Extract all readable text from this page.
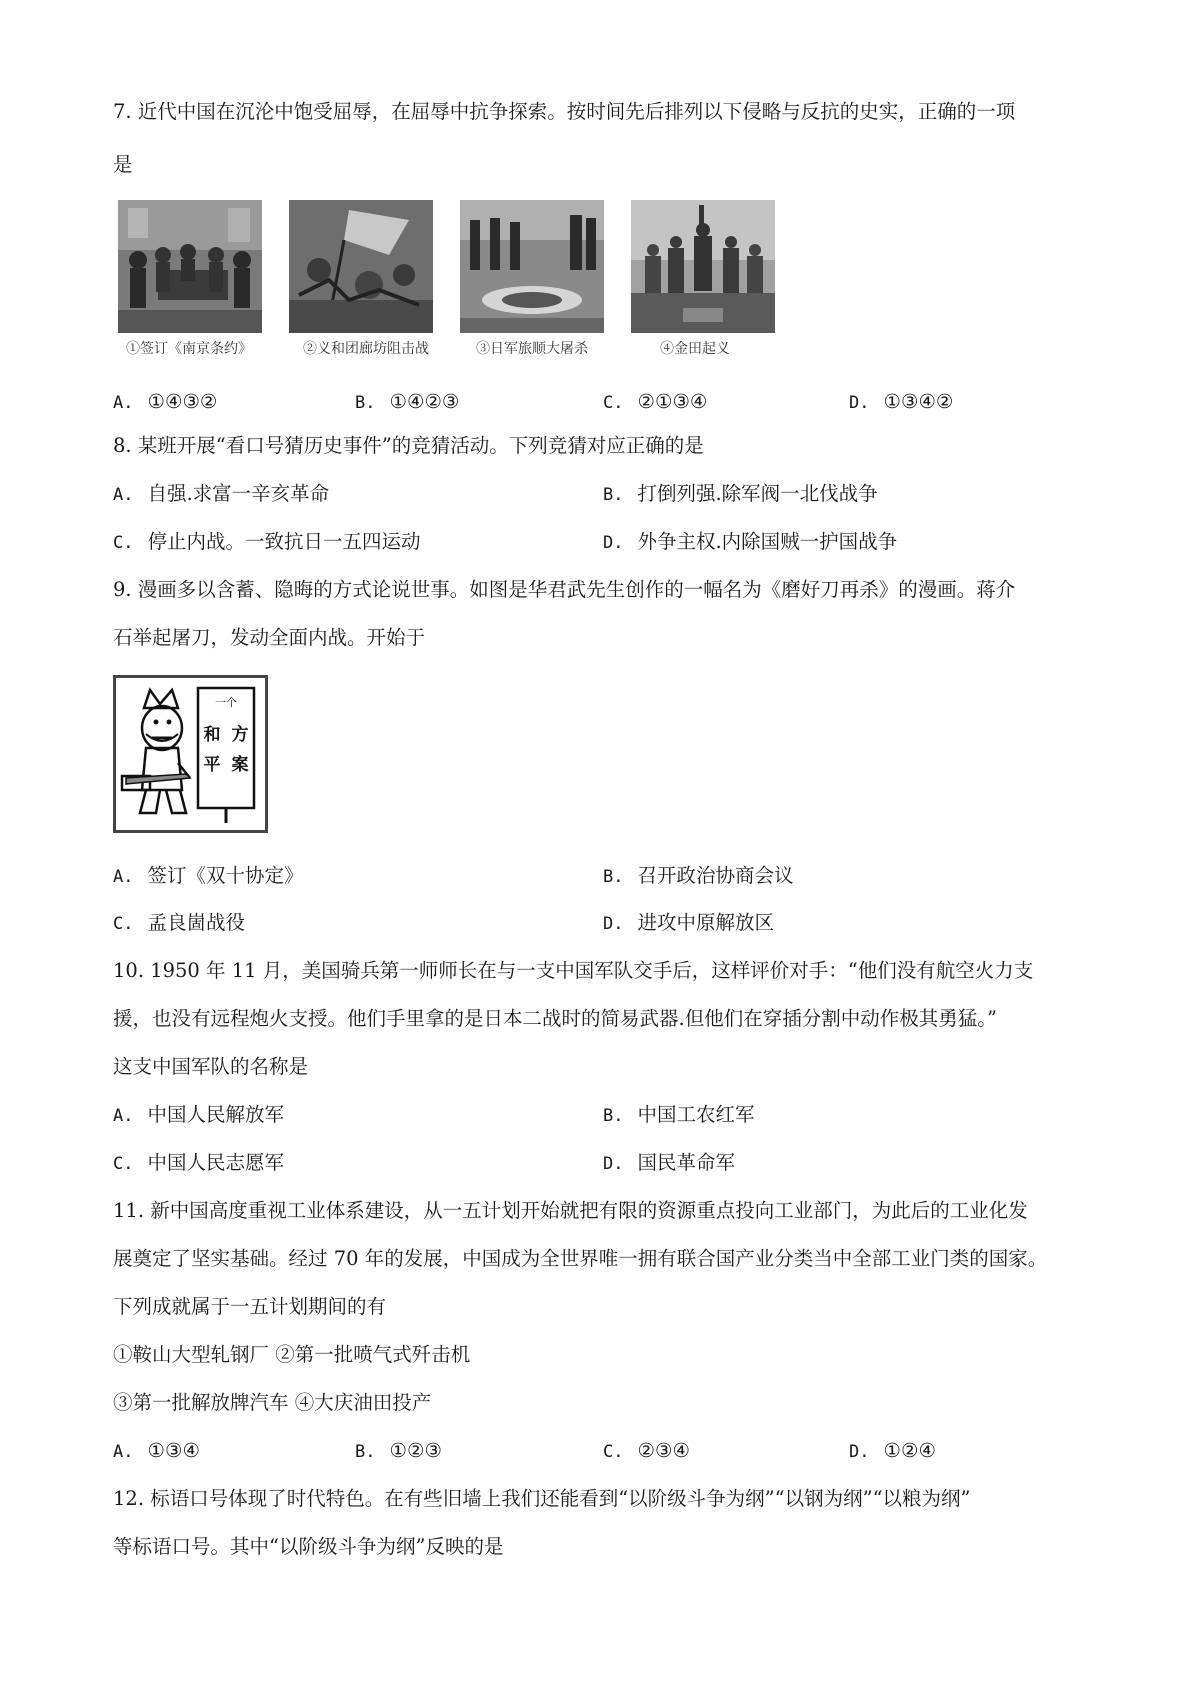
7. 近代中国在沉沦中饱受屈辱，在屈辱中抗争探索。按时间先后排列以下侵略与反抗的史实，正确的一项
是
①签订《南京条约》	②义和团廊坊阻击战	③日军旅顺大屠杀	④金田起义
A. ①④③②	B. ①④②③	C. ②①③④	D. ①③④②
8. 某班开展“看口号猜历史事件”的竞猜活动。下列竞猜对应正确的是
A. 自强.求富一辛亥革命	B. 打倒列强.除军阀一北伐战争
C. 停止内战。一致抗日一五四运动	D. 外争主权.内除国贼一护国战争
9. 漫画多以含蓄、隐晦的方式论说世事。如图是华君武先生创作的一幅名为《磨好刀再杀》的漫画。蒋介
石举起屠刀，发动全面内战。开始于
一个
和 方
平 案
A. 签订《双十协定》	B. 召开政治协商会议
C. 孟良崮战役	D. 进攻中原解放区
10. 1950 年 11 月，美国骑兵第一师师长在与一支中国军队交手后，这样评价对手：“他们没有航空火力支
援，也没有远程炮火支授。他们手里拿的是日本二战时的简易武器.但他们在穿插分割中动作极其勇猛。”
这支中国军队的名称是
A. 中国人民解放军	B. 中国工农红军
C. 中国人民志愿军	D. 国民革命军
11. 新中国高度重视工业体系建设，从一五计划开始就把有限的资源重点投向工业部门，为此后的工业化发
展奠定了坚实基础。经过 70 年的发展，中国成为全世界唯一拥有联合国产业分类当中全部工业门类的国家。
下列成就属于一五计划期间的有
①鞍山大型轧钢厂 ②第一批喷气式歼击机
③第一批解放牌汽车 ④大庆油田投产
A. ①③④	B. ①②③	C. ②③④	D. ①②④
12. 标语口号体现了时代特色。在有些旧墙上我们还能看到“以阶级斗争为纲”“以钢为纲”“以粮为纲”
等标语口号。其中“以阶级斗争为纲”反映的是
